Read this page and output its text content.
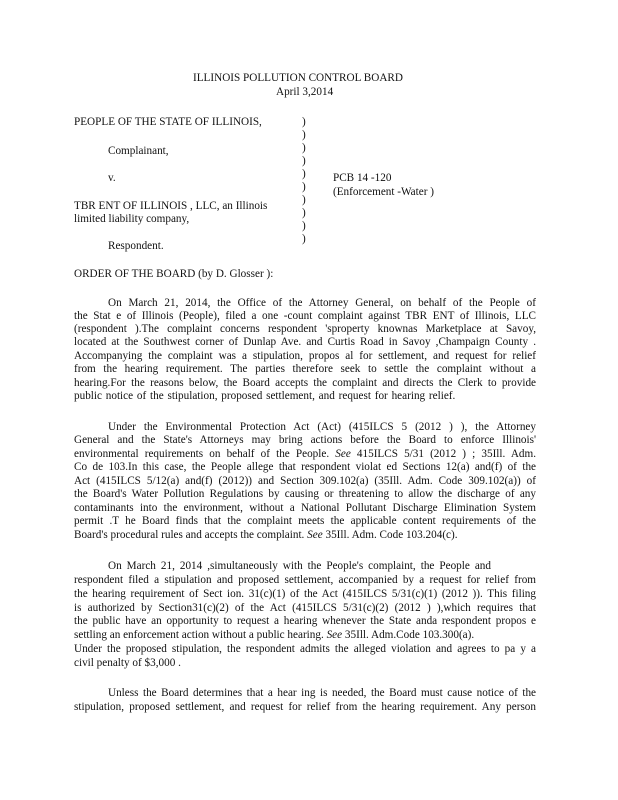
ILLINOIS POLLUTION CONTROL BOARD
April 3,2014
PEOPLE OF THE STATE OF ILLINOIS,
Complainant,
v.
TBR ENT OF ILLINOIS , LLC, an Illinois
limited liability company,
Respondent.
)
)
)
)
)
)
)
)
)
)
PCB 14 -120
(Enforcement -Water )
ORDER OF THE BOARD (by D. Glosser ):
On March 21, 2014, the Office of the Attorney General, on behalf of the People of
the Stat e of Illinois (People), filed a one -count complaint against TBR ENT of Illinois, LLC
(respondent ).The complaint concerns respondent 'sproperty knownas Marketplace at Savoy,
located at the Southwest corner of Dunlap Ave. and Curtis Road in Savoy ,Champaign County .
Accompanying the complaint was a stipulation, propos al for settlement, and request for relief
from the hearing requirement. The parties therefore seek to settle the complaint without a
hearing.For the reasons below, the Board accepts the complaint and directs the Clerk to provide
public notice of the stipulation, proposed settlement, and request for hearing relief.
Under the Environmental Protection Act (Act) (415ILCS 5 (2012 ) ), the Attorney
General and the State's Attorneys may bring actions before the Board to enforce Illinois'
environmental requirements on behalf of the People. See 415ILCS 5/31 (2012 ) ; 35Ill. Adm.
Co de 103.In this case, the People allege that respondent violat ed Sections 12(a) and(f) of the
Act (415ILCS 5/12(a) and(f) (2012)) and Section 309.102(a) (35Ill. Adm. Code 309.102(a)) of
the Board's Water Pollution Regulations by causing or threatening to allow the discharge of any
contaminants into the environment, without a National Pollutant Discharge Elimination System
permit .T he Board finds that the complaint meets the applicable content requirements of the
Board's procedural rules and accepts the complaint. See 35Ill. Adm. Code 103.204(c).
On March 21, 2014 ,simultaneously with the People's complaint, the People and
respondent filed a stipulation and proposed settlement, accompanied by a request for relief from
the hearing requirement of Sect ion. 31(c)(1) of the Act (415ILCS 5/31(c)(1) (2012 )). This filing
is authorized by Section31(c)(2) of the Act (415ILCS 5/31(c)(2) (2012 ) ),which requires that
the public have an opportunity to request a hearing whenever the State anda respondent propos e
settling an enforcement action without a public hearing. See 35Ill. Adm.Code 103.300(a).
Under the proposed stipulation, the respondent admits the alleged violation and agrees to pa y a
civil penalty of $3,000 .
Unless the Board determines that a hear ing is needed, the Board must cause notice of the
stipulation, proposed settlement, and request for relief from the hearing requirement. Any person
